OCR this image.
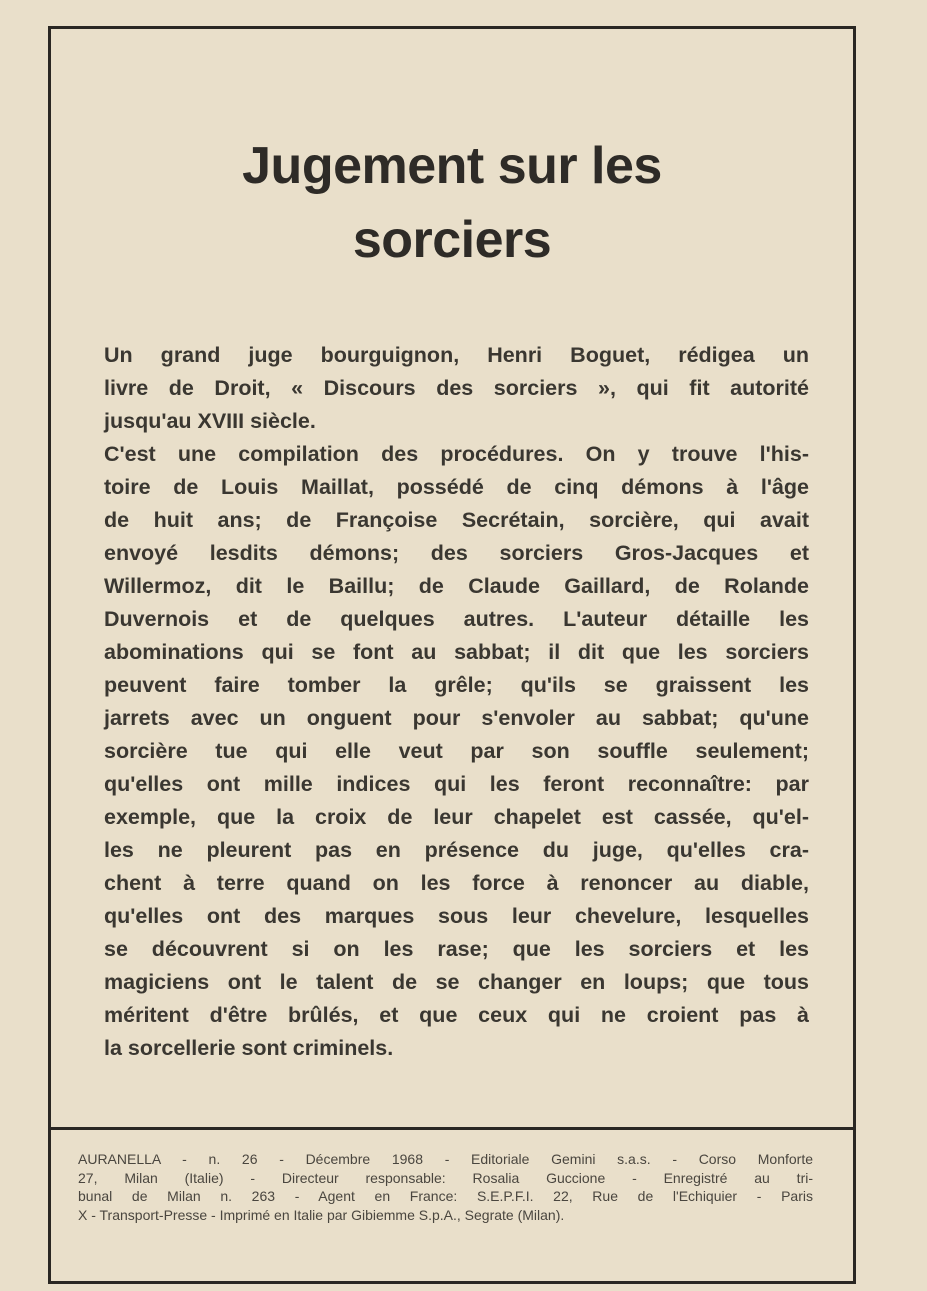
Jugement sur les
sorciers
Un grand juge bourguignon, Henri Boguet, rédigea un
livre de Droit, « Discours des sorciers », qui fit autorité
jusqu'au XVIII siècle.
C'est une compilation des procédures. On y trouve l'his-
toire de Louis Maillat, possédé de cinq démons à l'âge
de huit ans; de Françoise Secrétain, sorcière, qui avait
envoyé lesdits démons; des sorciers Gros-Jacques et
Willermoz, dit le Baillu; de Claude Gaillard, de Rolande
Duvernois et de quelques autres. L'auteur détaille les
abominations qui se font au sabbat; il dit que les sorciers
peuvent faire tomber la grêle; qu'ils se graissent les
jarrets avec un onguent pour s'envoler au sabbat; qu'une
sorcière tue qui elle veut par son souffle seulement;
qu'elles ont mille indices qui les feront reconnaître: par
exemple, que la croix de leur chapelet est cassée, qu'el-
les ne pleurent pas en présence du juge, qu'elles cra-
chent à terre quand on les force à renoncer au diable,
qu'elles ont des marques sous leur chevelure, lesquelles
se découvrent si on les rase; que les sorciers et les
magiciens ont le talent de se changer en loups; que tous
méritent d'être brûlés, et que ceux qui ne croient pas à
la sorcellerie sont criminels.
AURANELLA - n. 26 - Décembre 1968 - Editoriale Gemini s.a.s. - Corso Monforte
27, Milan (Italie) - Directeur responsable: Rosalia Guccione - Enregistré au tri-
bunal de Milan n. 263 - Agent en France: S.E.P.F.I. 22, Rue de l'Echiquier - Paris
X - Transport-Presse - Imprimé en Italie par Gibiemme S.p.A., Segrate (Milan).
